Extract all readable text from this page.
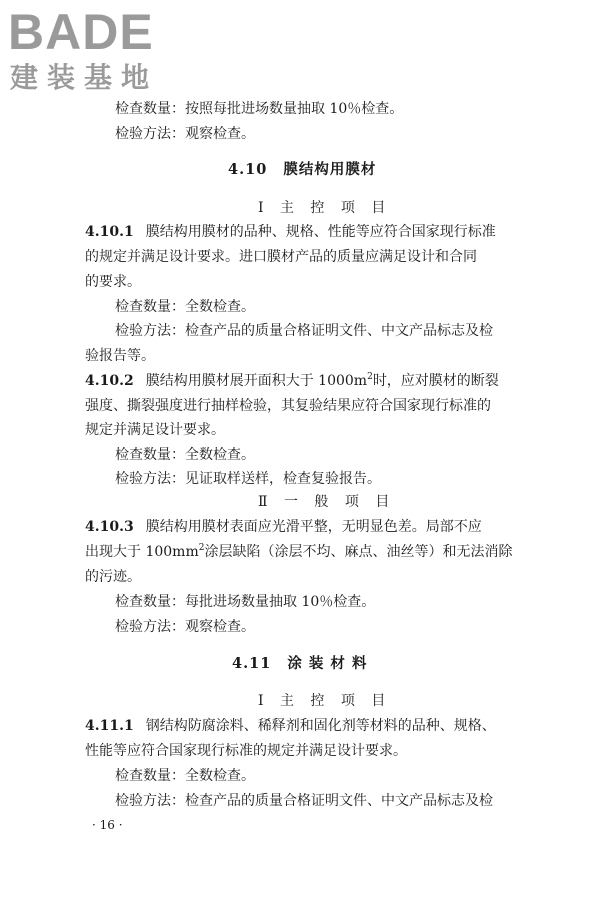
BADE
建装基地
检查数量：按照每批进场数量抽取 10％检查。
检验方法：观察检查。
4.10 膜结构用膜材
Ⅰ 主 控 项 目
4.10.1 膜结构用膜材的品种、规格、性能等应符合国家现行标准
的规定并满足设计要求。进口膜材产品的质量应满足设计和合同
的要求。
检查数量：全数检查。
检验方法：检查产品的质量合格证明文件、中文产品标志及检
验报告等。
4.10.2 膜结构用膜材展开面积大于 $1000m^2$时，应对膜材的断裂
强度、撕裂强度进行抽样检验，其复验结果应符合国家现行标准的
规定并满足设计要求。
检查数量：全数检查。
检验方法：见证取样送样，检查复验报告。
Ⅱ 一 般 项 目
4.10.3 膜结构用膜材表面应光滑平整，无明显色差。局部不应
出现大于 $100mm^2$涂层缺陷（涂层不均、麻点、油丝等）和无法消除
的污迹。
检查数量：每批进场数量抽取 10％检查。
检验方法：观察检查。
4.11 涂 装 材 料
Ⅰ 主 控 项 目
4.11.1 钢结构防腐涂料、稀释剂和固化剂等材料的品种、规格、
性能等应符合国家现行标准的规定并满足设计要求。
检查数量：全数检查。
检验方法：检查产品的质量合格证明文件、中文产品标志及检
· 16 ·
